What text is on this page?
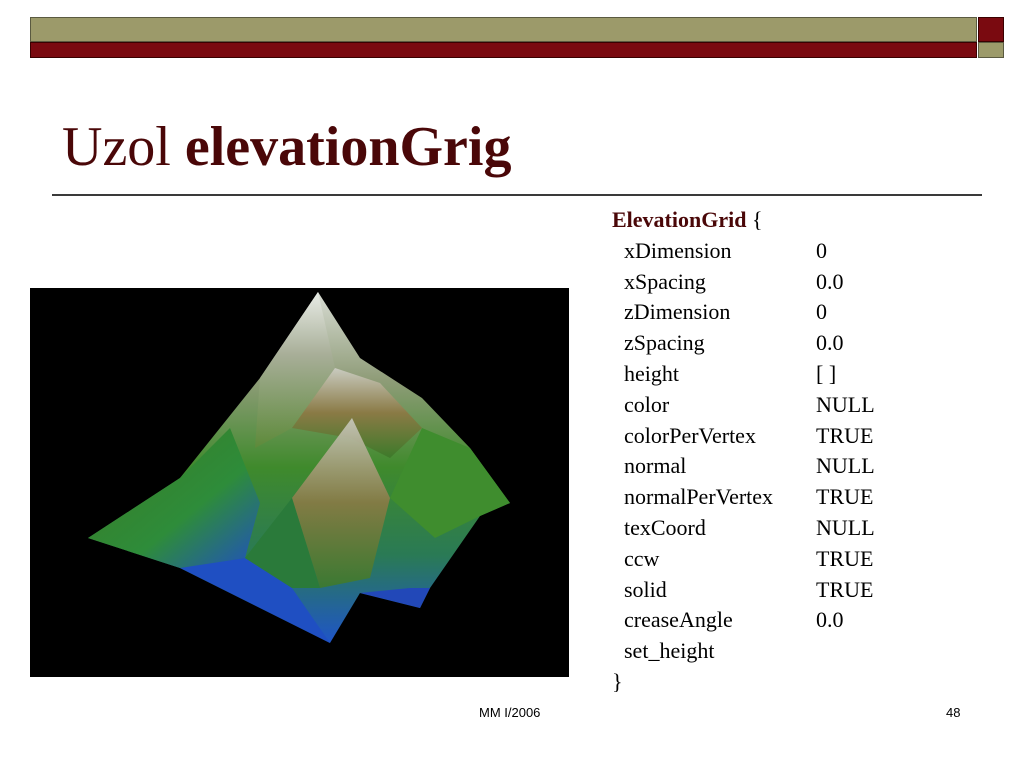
Uzol elevationGrig
ElevationGrid {
xDimension	0
xSpacing	0.0
zDimension	0
zSpacing	0.0
height	[ ]
color	NULL
colorPerVertex	TRUE
normal	NULL
normalPerVertex TRUE
texCoord	NULL
ccw	TRUE
solid	TRUE
creaseAngle	0.0
set_height
}
MM I/2006	48
